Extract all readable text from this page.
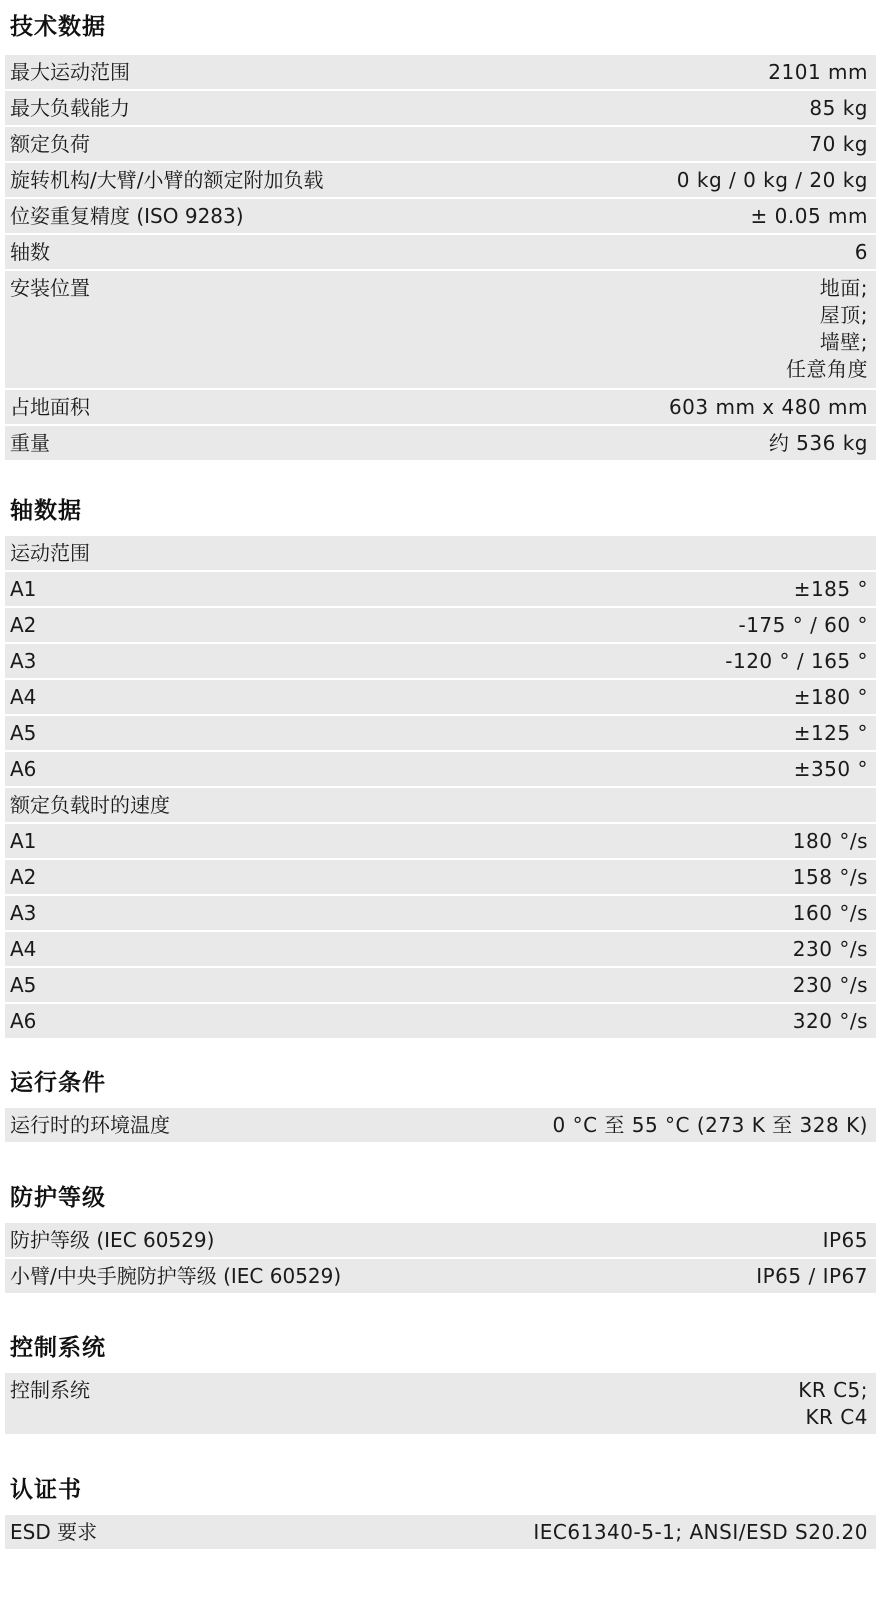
技术数据
最大运动范围	2101 mm
最大负载能力	85 kg
额定负荷	70 kg
旋转机构/大臂/小臂的额定附加负载	0 kg / 0 kg / 20 kg
位姿重复精度 (ISO 9283)	± 0.05 mm
轴数	6
安装位置	地面;
屋顶;
墙壁;
任意角度
占地面积	603 mm x 480 mm
重量	约 536 kg
轴数据
运动范围
A1	±185 °
A2	-175 ° / 60 °
A3	-120 ° / 165 °
A4	±180 °
A5	±125 °
A6	±350 °
额定负载时的速度
A1	180 °/s
A2	158 °/s
A3	160 °/s
A4	230 °/s
A5	230 °/s
A6	320 °/s
运行条件
运行时的环境温度	0 °C 至 55 °C (273 K 至 328 K)
防护等级
防护等级 (IEC 60529)	IP65
小臂/中央手腕防护等级 (IEC 60529)	IP65 / IP67
控制系统
控制系统	KR C5;
KR C4
认证书
ESD 要求	IEC61340-5-1; ANSI/ESD S20.20
